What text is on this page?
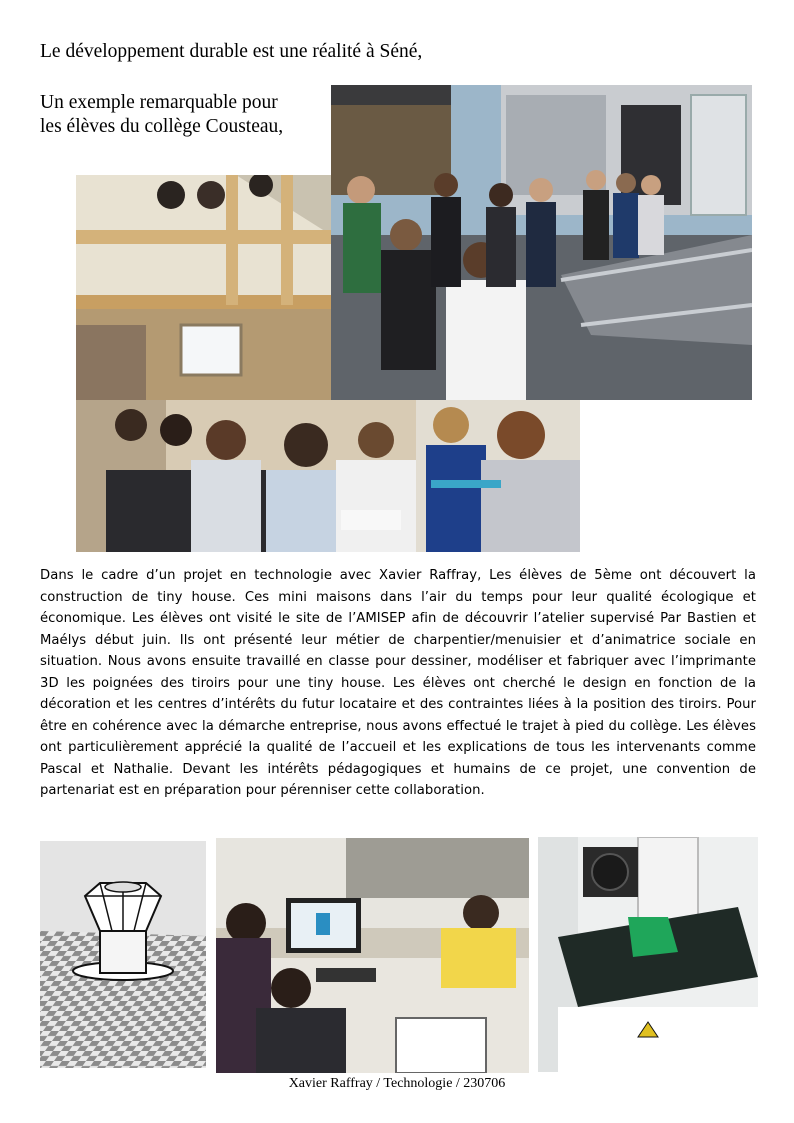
Le développement durable est une réalité à Séné,
Un exemple remarquable pour
les élèves du collège Cousteau,

Dans le cadre d’un projet en technologie avec Xavier Raffray, Les élèves de 5ème ont découvert la construction de tiny house. Ces mini maisons dans l’air du temps pour leur qualité écologique et économique. Les élèves ont visité le site de l’AMISEP afin de découvrir l’atelier supervisé Par Bastien et Maélys début juin. Ils ont présenté leur métier de charpentier/menuisier et d’animatrice sociale en situation. Nous avons ensuite travaillé en classe pour dessiner, modéliser et fabriquer avec l’imprimante 3D les poignées des tiroirs pour une tiny house. Les élèves ont cherché le design en fonction de la décoration et les centres d’intérêts du futur locataire et des contraintes liées à la position des tiroirs. Pour être en cohérence avec la démarche entreprise, nous avons effectué le trajet à pied du collège. Les élèves ont particulièrement apprécié la qualité de l’accueil et les explications de tous les intervenants comme Pascal et Nathalie. Devant les intérêts pédagogiques et humains de ce projet, une convention de partenariat est en préparation pour pérenniser cette collaboration.

Xavier Raffray / Technologie / 230706
